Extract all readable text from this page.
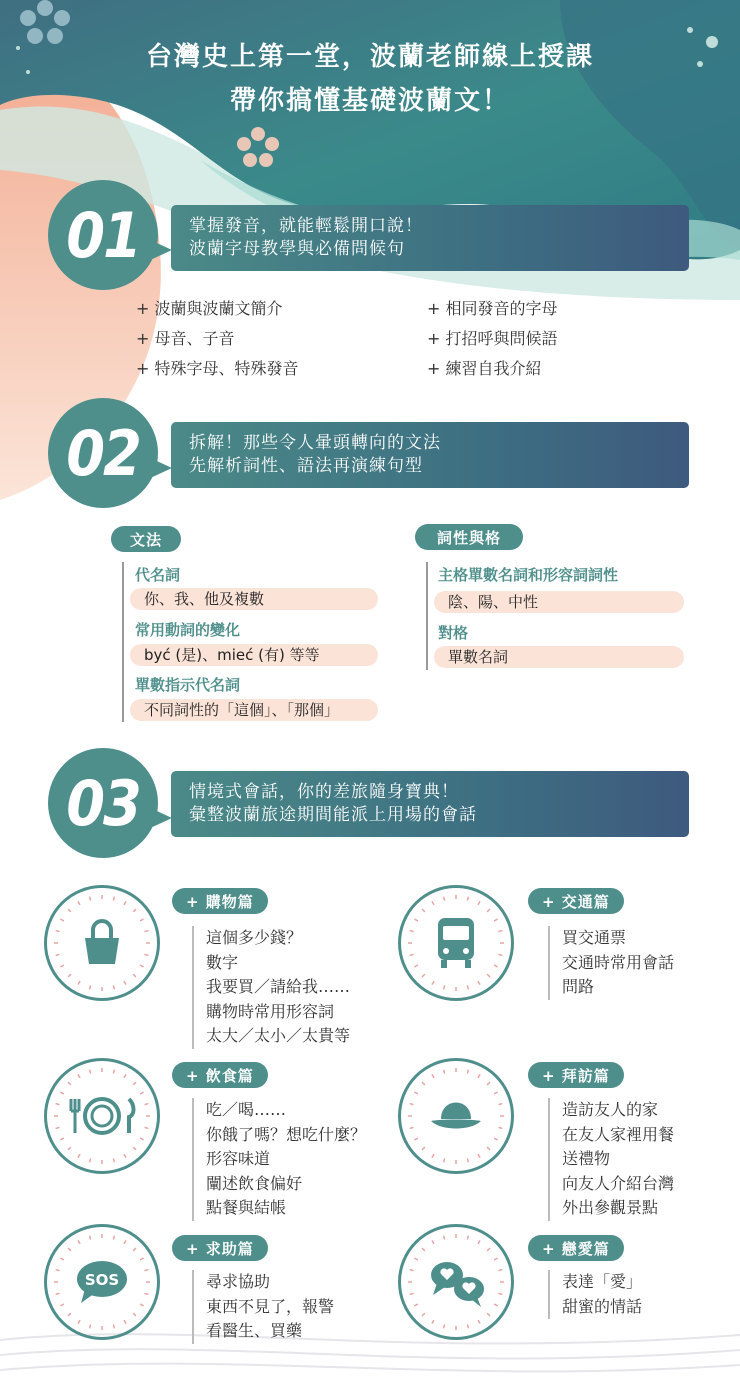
台灣史上第一堂，波蘭老師線上授課
帶你搞懂基礎波蘭文！
01	掌握發音，就能輕鬆開口說！
波蘭字母教學與必備問候句
+ 波蘭與波蘭文簡介
+ 母音、子音
+ 特殊字母、特殊發音
+ 相同發音的字母
+ 打招呼與問候語
+ 練習自我介紹
02	拆解！那些令人暈頭轉向的文法
先解析詞性、語法再演練句型
文法	詞性與格
代名詞
你、我、他及複數
常用動詞的變化
być (是)、mieć (有) 等等
單數指示代名詞
不同詞性的「這個」、「那個」
主格單數名詞和形容詞詞性
陰、陽、中性
對格
單數名詞
03	情境式會話，你的差旅隨身寶典！
彙整波蘭旅途期間能派上用場的會話
+ 購物篇
這個多少錢？
數字
我要買／請給我……
購物時常用形容詞
太大／太小／太貴等
+ 交通篇
買交通票
交通時常用會話
問路
+ 飲食篇
吃／喝……
你餓了嗎？想吃什麼？
形容味道
闡述飲食偏好
點餐與結帳
+ 拜訪篇
造訪友人的家
在友人家裡用餐
送禮物
向友人介紹台灣
外出參觀景點
SOS
+ 求助篇
尋求協助
東西不見了，報警
看醫生、買藥
+ 戀愛篇
表達「愛」
甜蜜的情話
